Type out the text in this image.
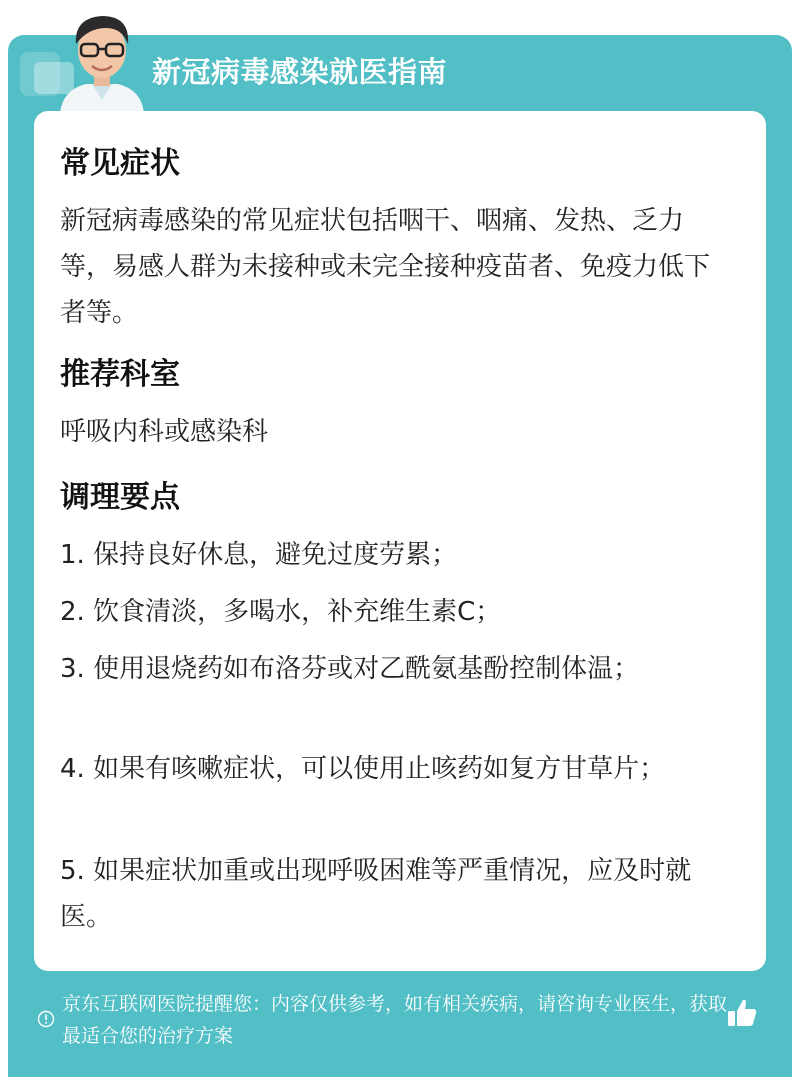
新冠病毒感染就医指南
常见症状

新冠病毒感染的常见症状包括咽干、咽痛、发热、乏力等，易感人群为未接种或未完全接种疫苗者、免疫力低下者等。

推荐科室

呼吸内科或感染科

调理要点

1. 保持良好休息，避免过度劳累；

2. 饮食清淡，多喝水，补充维生素C；

3. 使用退烧药如布洛芬或对乙酰氨基酚控制体温；

4. 如果有咳嗽症状，可以使用止咳药如复方甘草片；

5. 如果症状加重或出现呼吸困难等严重情况，应及时就医。

京东互联网医院提醒您：内容仅供参考，如有相关疾病，请咨询专业医生，获取最适合您的治疗方案
